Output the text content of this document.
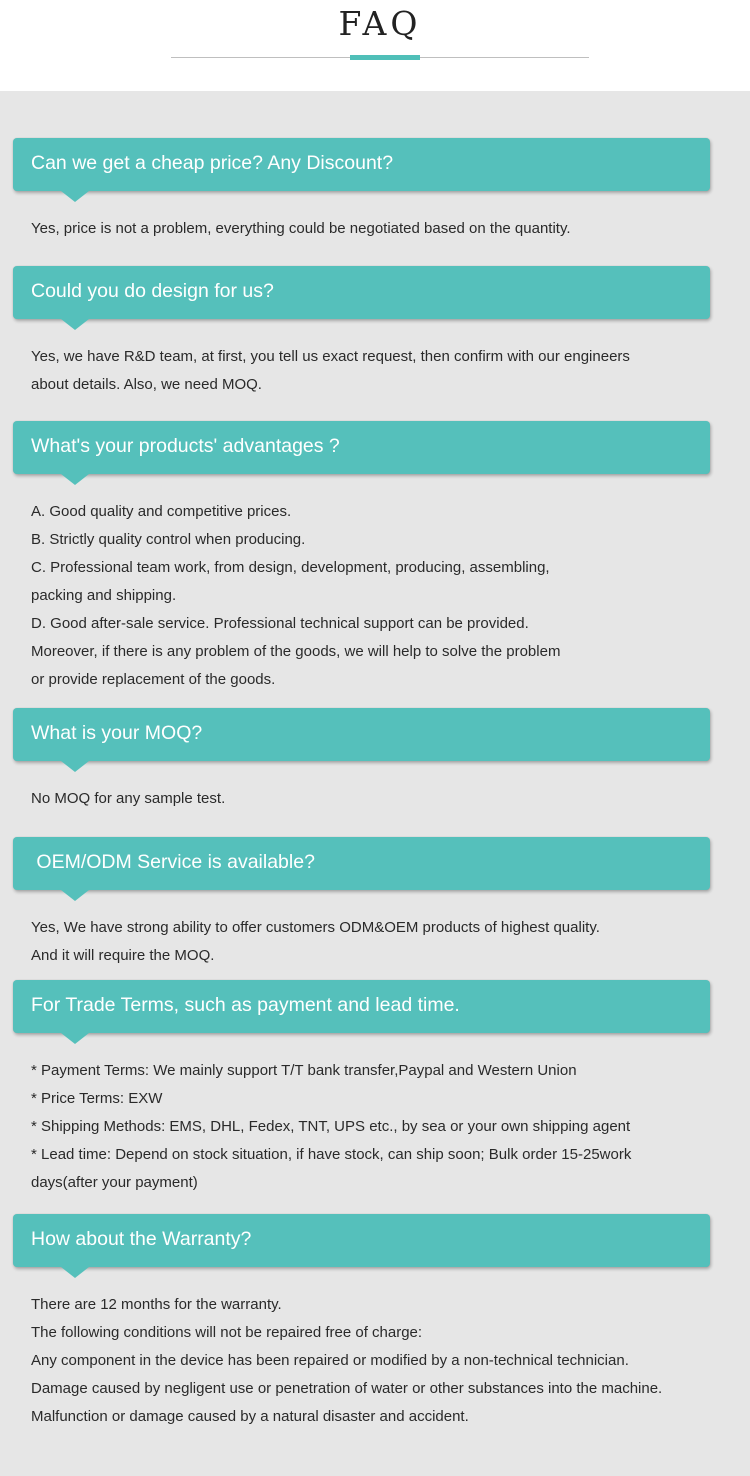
FAQ
Can we get a cheap price? Any Discount?
Yes, price is not a problem, everything could be negotiated based on the quantity.
Could you do design for us?
Yes, we have R&D team, at first, you tell us exact request, then confirm with our engineers
about details. Also, we need MOQ.
What's your products' advantages ?
A. Good quality and competitive prices.
B. Strictly quality control when producing.
C. Professional team work, from design, development, producing, assembling,
packing and shipping.
D. Good after-sale service. Professional technical support can be provided.
Moreover, if there is any problem of the goods, we will help to solve the problem
or provide replacement of the goods.
What is your MOQ?
No MOQ for any sample test.
OEM/ODM Service is available?
Yes, We have strong ability to offer customers ODM&OEM products of highest quality.
And it will require the MOQ.
For Trade Terms, such as payment and lead time.
* Payment Terms: We mainly support T/T bank transfer,Paypal and Western Union
* Price Terms: EXW
* Shipping Methods: EMS, DHL, Fedex, TNT, UPS etc., by sea or your own shipping agent
* Lead time: Depend on stock situation, if have stock, can ship soon; Bulk order 15-25work
days(after your payment)
How about the Warranty?
There are 12 months for the warranty.
The following conditions will not be repaired free of charge:
Any component in the device has been repaired or modified by a non-technical technician.
Damage caused by negligent use or penetration of water or other substances into the machine.
Malfunction or damage caused by a natural disaster and accident.
